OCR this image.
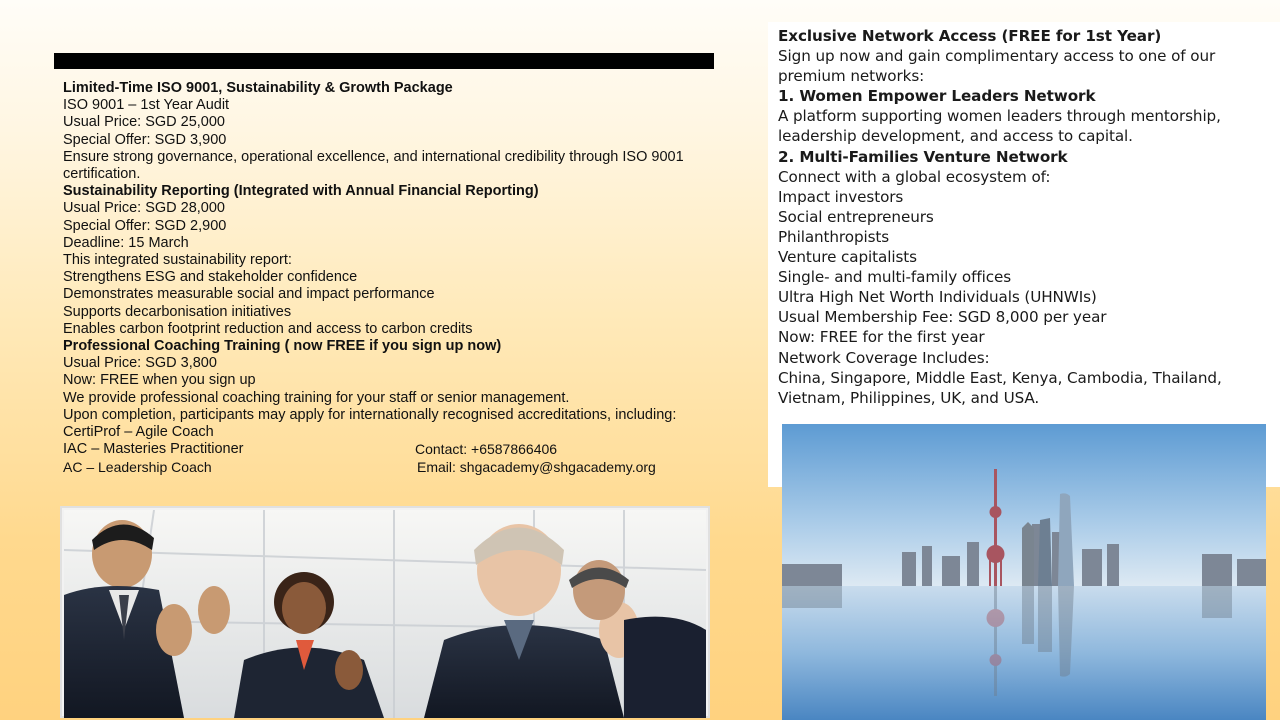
Limited-Time ISO 9001, Sustainability & Growth Package
ISO 9001 – 1st Year Audit
Usual Price: SGD 25,000
Special Offer: SGD 3,900
Ensure strong governance, operational excellence, and international credibility through ISO 9001 certification.
Sustainability Reporting (Integrated with Annual Financial Reporting)
Usual Price: SGD 28,000
Special Offer: SGD 2,900
Deadline: 15 March
This integrated sustainability report:
Strengthens ESG and stakeholder confidence
Demonstrates measurable social and impact performance
Supports decarbonisation initiatives
Enables carbon footprint reduction and access to carbon credits
Professional Coaching Training ( now FREE if you sign up now)
Usual Price: SGD 3,800
Now: FREE when you sign up
We provide professional coaching training for your staff or senior management.
Upon completion, participants may apply for internationally recognised accreditations, including:
CertiProf – Agile Coach
IAC – Masteries Practitioner	Contact: +6587866406
AC – Leadership Coach	Email: shgacademy@shgacademy.org
Exclusive Network Access (FREE for 1st Year)
Sign up now and gain complimentary access to one of our premium networks:
1. Women Empower Leaders Network
A platform supporting women leaders through mentorship, leadership development, and access to capital.
2. Multi-Families Venture Network
Connect with a global ecosystem of:
Impact investors
Social entrepreneurs
Philanthropists
Venture capitalists
Single- and multi-family offices
Ultra High Net Worth Individuals (UHNWIs)
Usual Membership Fee: SGD 8,000 per year
Now: FREE for the first year
Network Coverage Includes:
China, Singapore, Middle East, Kenya, Cambodia, Thailand, Vietnam, Philippines, UK, and USA.
